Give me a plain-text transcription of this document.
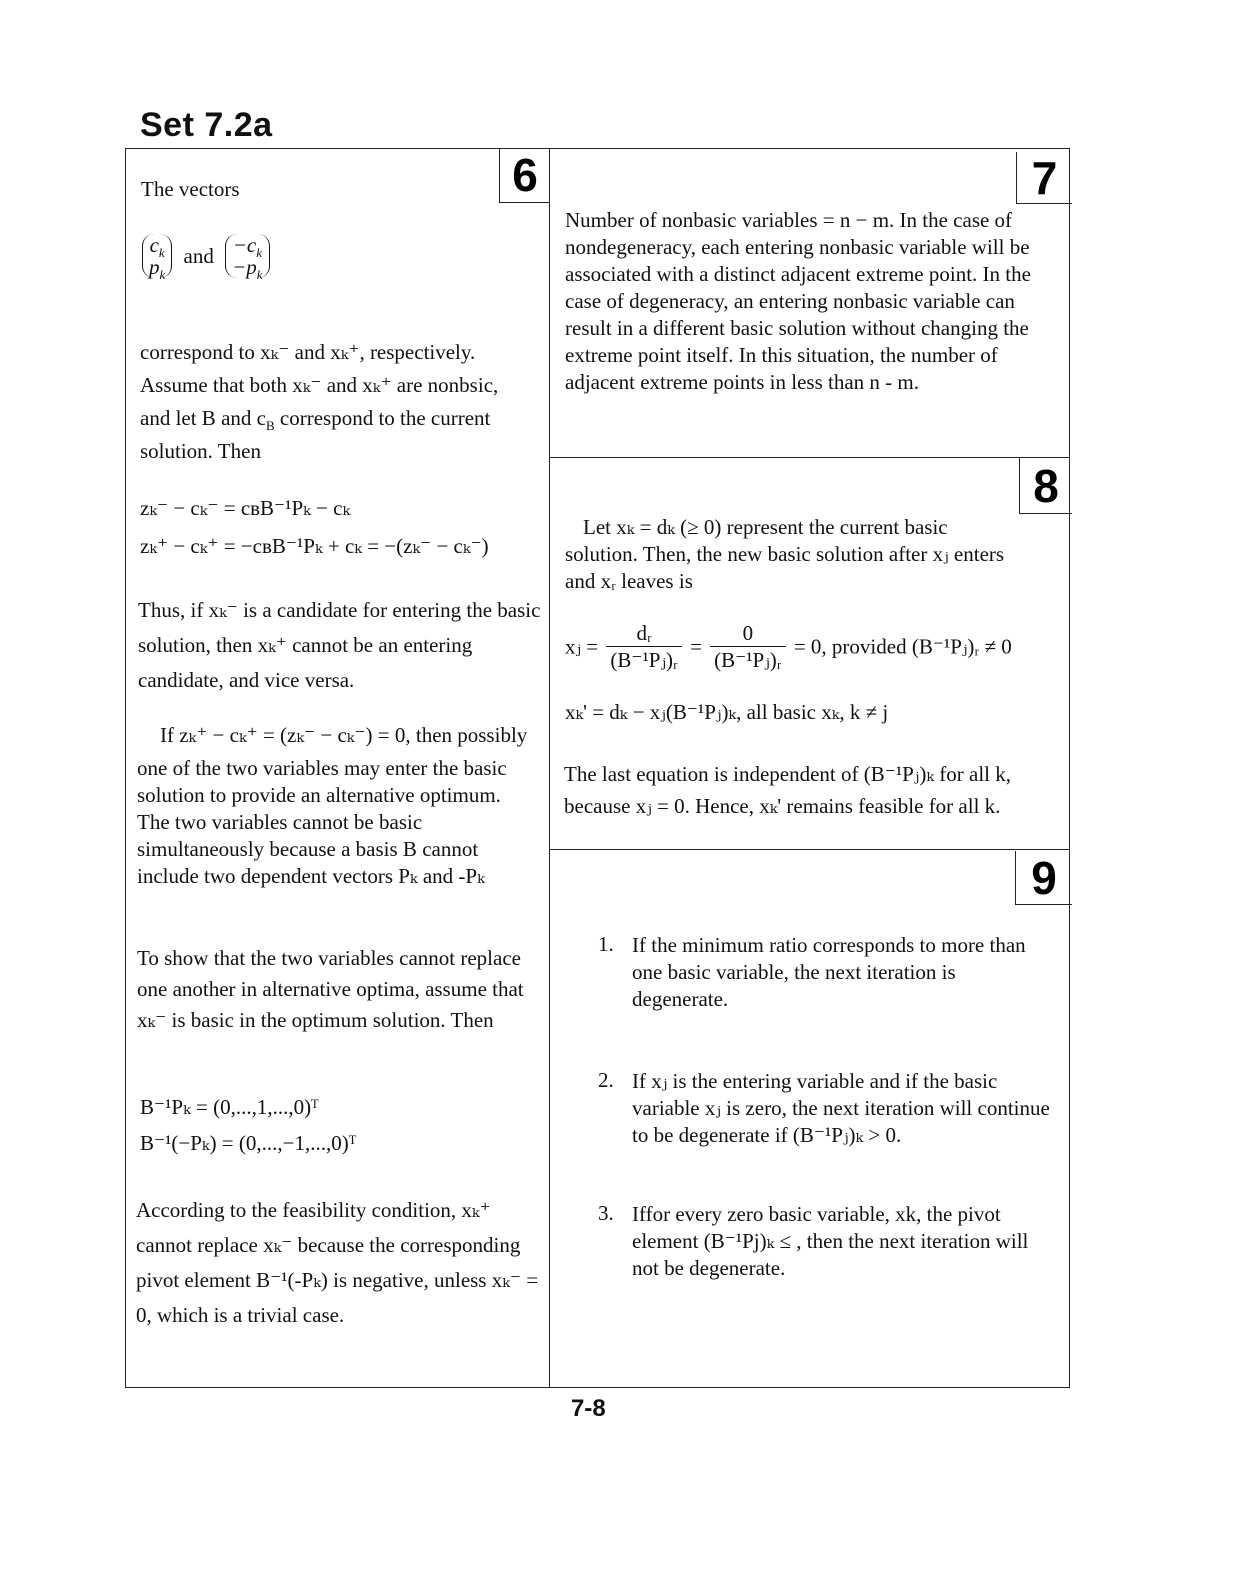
Set 7.2a
6
The vectors
$c_k$
$p_k$ and $-c_k$
$-p_k$

correspond to xₖ⁻ and xₖ⁺, respectively.

Assume that both xₖ⁻ and xₖ⁺ are nonbsic,

and let B and $c_B$ correspond to the current

solution. Then

zₖ⁻ − cₖ⁻ = cʙB⁻¹Pₖ − cₖ
zₖ⁺ − cₖ⁺ = −cʙB⁻¹Pₖ + cₖ = −(zₖ⁻ − cₖ⁻)
Thus, if xₖ⁻ is a candidate for entering the basic solution, then xₖ⁺ cannot be an entering candidate, and vice versa.
If zₖ⁺ − cₖ⁺ = (zₖ⁻ − cₖ⁻) = 0, then possibly
one of the two variables may enter the basic solution to provide an alternative optimum. The two variables cannot be basic simultaneously because a basis B cannot include two dependent vectors Pₖ and -Pₖ
To show that the two variables cannot replace one another in alternative optima, assume that xₖ⁻ is basic in the optimum solution. Then
B⁻¹Pₖ = (0,...,1,...,0)ᵀ
B⁻¹(−Pₖ) = (0,...,−1,...,0)ᵀ
According to the feasibility condition, xₖ⁺ cannot replace xₖ⁻ because the corresponding pivot element B⁻¹(-Pₖ) is negative, unless xₖ⁻ = 0, which is a trivial case.
7
Number of nonbasic variables = n − m. In the case of nondegeneracy, each entering nonbasic variable will be associated with a distinct adjacent extreme point. In the case of degeneracy, an entering nonbasic variable can result in a different basic solution without changing the extreme point itself. In this situation, the number of adjacent extreme points in less than n - m.
8
Let xₖ = dₖ (≥ 0) represent the current basic solution. Then, the new basic solution after xⱼ enters and xᵣ leaves is
xⱼ = $\frac{\text{dᵣ}}{\text{(B⁻¹Pⱼ)ᵣ}} = \frac{0}{\text{(B⁻¹Pⱼ)ᵣ}} = 0$, provided (B⁻¹Pⱼ)ᵣ ≠ 0
xₖ' = dₖ − xⱼ(B⁻¹Pⱼ)ₖ, all basic xₖ, k ≠ j
The last equation is independent of (B⁻¹Pⱼ)ₖ for all k, because xⱼ = 0. Hence, xₖ' remains feasible for all k.
9
1. If the minimum ratio corresponds to more than one basic variable, the next iteration is degenerate.
2. If xⱼ is the entering variable and if the basic variable xⱼ is zero, the next iteration will continue to be degenerate if (B⁻¹Pⱼ)ₖ > 0.
3. Iffor every zero basic variable, xk, the pivot element (B⁻¹Pj)ₖ ≤ , then the next iteration will not be degenerate.
7-8
